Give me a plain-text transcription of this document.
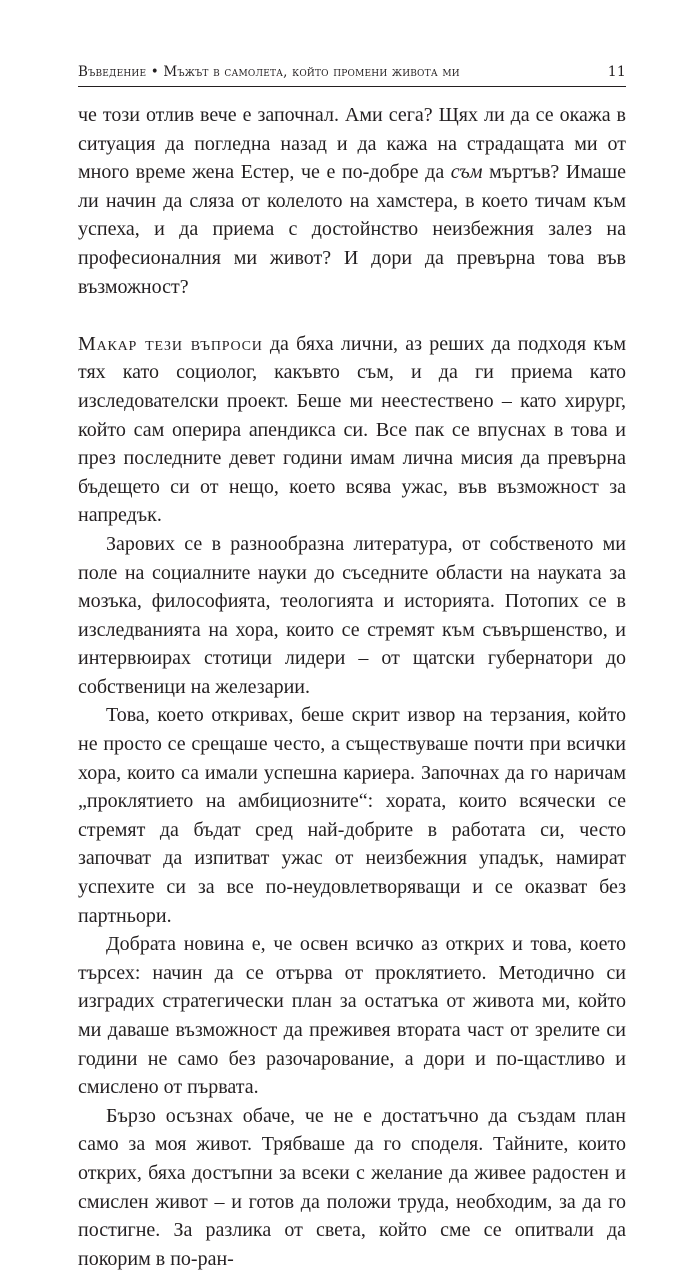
Въведение • Мъжът в самолета, който промени живота ми	11

че този отлив вече е започнал. Ами сега? Щях ли да се окажа в ситуация да погледна назад и да кажа на страдащата ми от много време жена Естер, че е по-добре да съм мъртъв? Имаше ли начин да сляза от колелото на хамстера, в което тичам към успеха, и да приема с достойнство неизбежния залез на професионалния ми живот? И дори да превърна това във възможност?

Макар тези въпроси да бяха лични, аз реших да подходя към тях като социолог, какъвто съм, и да ги приема като изследователски проект. Беше ми неестествено – като хирург, който сам оперира апендикса си. Все пак се впуснах в това и през последните девет години имам лична мисия да превърна бъдещето си от нещо, което всява ужас, във възможност за напредък.

Заровиx се в разнообразна литература, от собственото ми поле на социалните науки до съседните области на науката за мозъка, философията, теологията и историята. Потопих се в изследванията на хора, които се стремят към съвършенство, и интервюирах стотици лидери – от щатски губернатори до собственици на железарии.

Това, което откривах, беше скрит извор на терзания, който не просто се срещаше често, а съществуваше почти при всички хора, които са имали успешна кариера. Започнах да го наричам „проклятието на амбициозните“: хората, които всячески се стремят да бъдат сред най-добрите в работата си, често започват да изпитват ужас от неизбежния упадък, намират успехите си за все по-неудовлетворяващи и се оказват без партньори.

Добрата новина е, че освен всичко аз открих и това, което търсех: начин да се отърва от проклятието. Методично си изградих стратегически план за остатъка от живота ми, който ми даваше възможност да преживея втората част от зрелите си години не само без разочарование, а дори и по-щастливо и смислено от първата.

Бързо осъзнах обаче, че не е достатъчно да създам план само за моя живот. Трябваше да го споделя. Тайните, които открих, бяха достъпни за всеки с желание да живее радостен и смислен живот – и готов да положи труда, необходим, за да го постигне. За разлика от света, който сме се опитвали да покорим в по-ран-
